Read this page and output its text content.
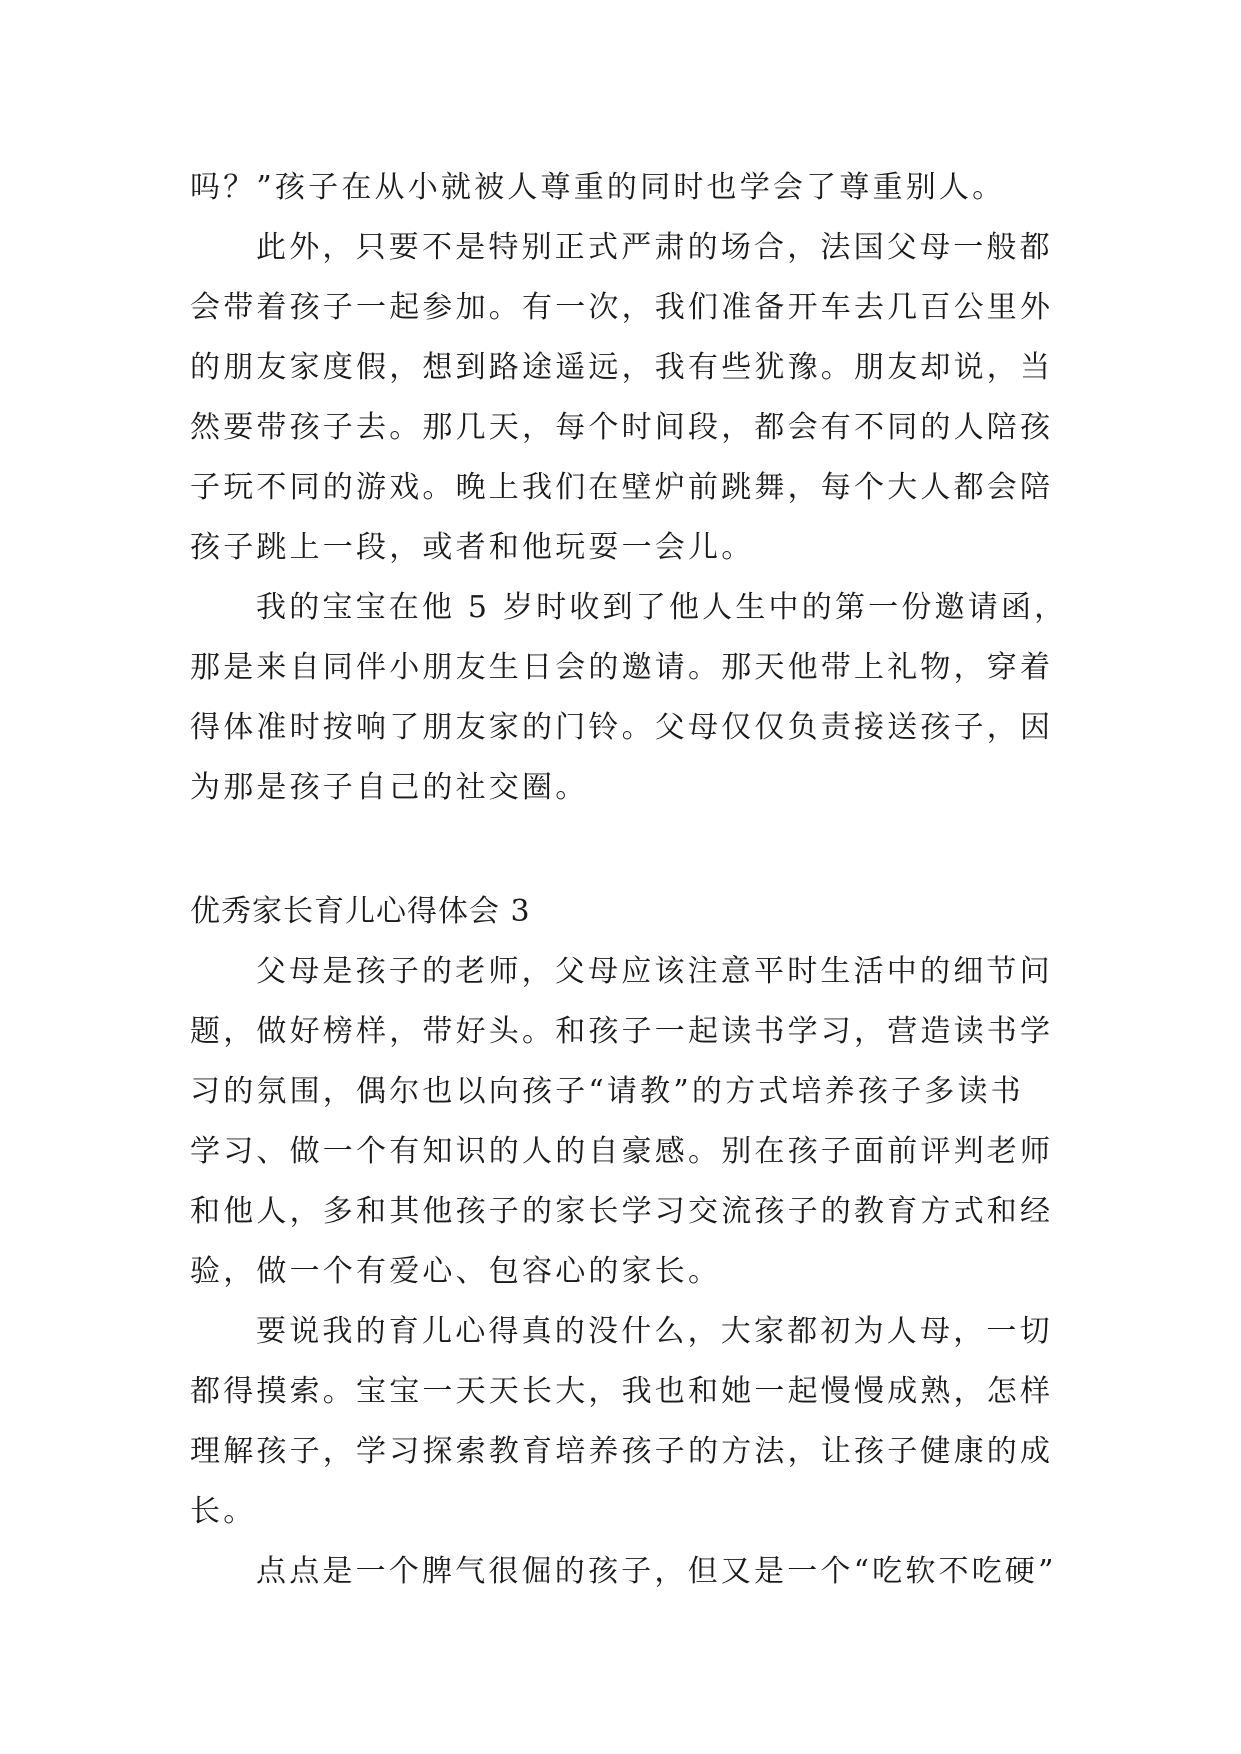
吗？”孩子在从小就被人尊重的同时也学会了尊重别人。
此外，只要不是特别正式严肃的场合，法国父母一般都
会带着孩子一起参加。有一次，我们准备开车去几百公里外
的朋友家度假，想到路途遥远，我有些犹豫。朋友却说，当
然要带孩子去。那几天，每个时间段，都会有不同的人陪孩
子玩不同的游戏。晚上我们在壁炉前跳舞，每个大人都会陪
孩子跳上一段，或者和他玩耍一会儿。
我的宝宝在他 5 岁时收到了他人生中的第一份邀请函，
那是来自同伴小朋友生日会的邀请。那天他带上礼物，穿着
得体准时按响了朋友家的门铃。父母仅仅负责接送孩子，因
为那是孩子自己的社交圈。
优秀家长育儿心得体会 3
父母是孩子的老师，父母应该注意平时生活中的细节问
题，做好榜样，带好头。和孩子一起读书学习，营造读书学
习的氛围，偶尔也以向孩子“请教”的方式培养孩子多读书
学习、做一个有知识的人的自豪感。别在孩子面前评判老师
和他人，多和其他孩子的家长学习交流孩子的教育方式和经
验，做一个有爱心、包容心的家长。
要说我的育儿心得真的没什么，大家都初为人母，一切
都得摸索。宝宝一天天长大，我也和她一起慢慢成熟，怎样
理解孩子，学习探索教育培养孩子的方法，让孩子健康的成
长。
点点是一个脾气很倔的孩子，但又是一个“吃软不吃硬”
